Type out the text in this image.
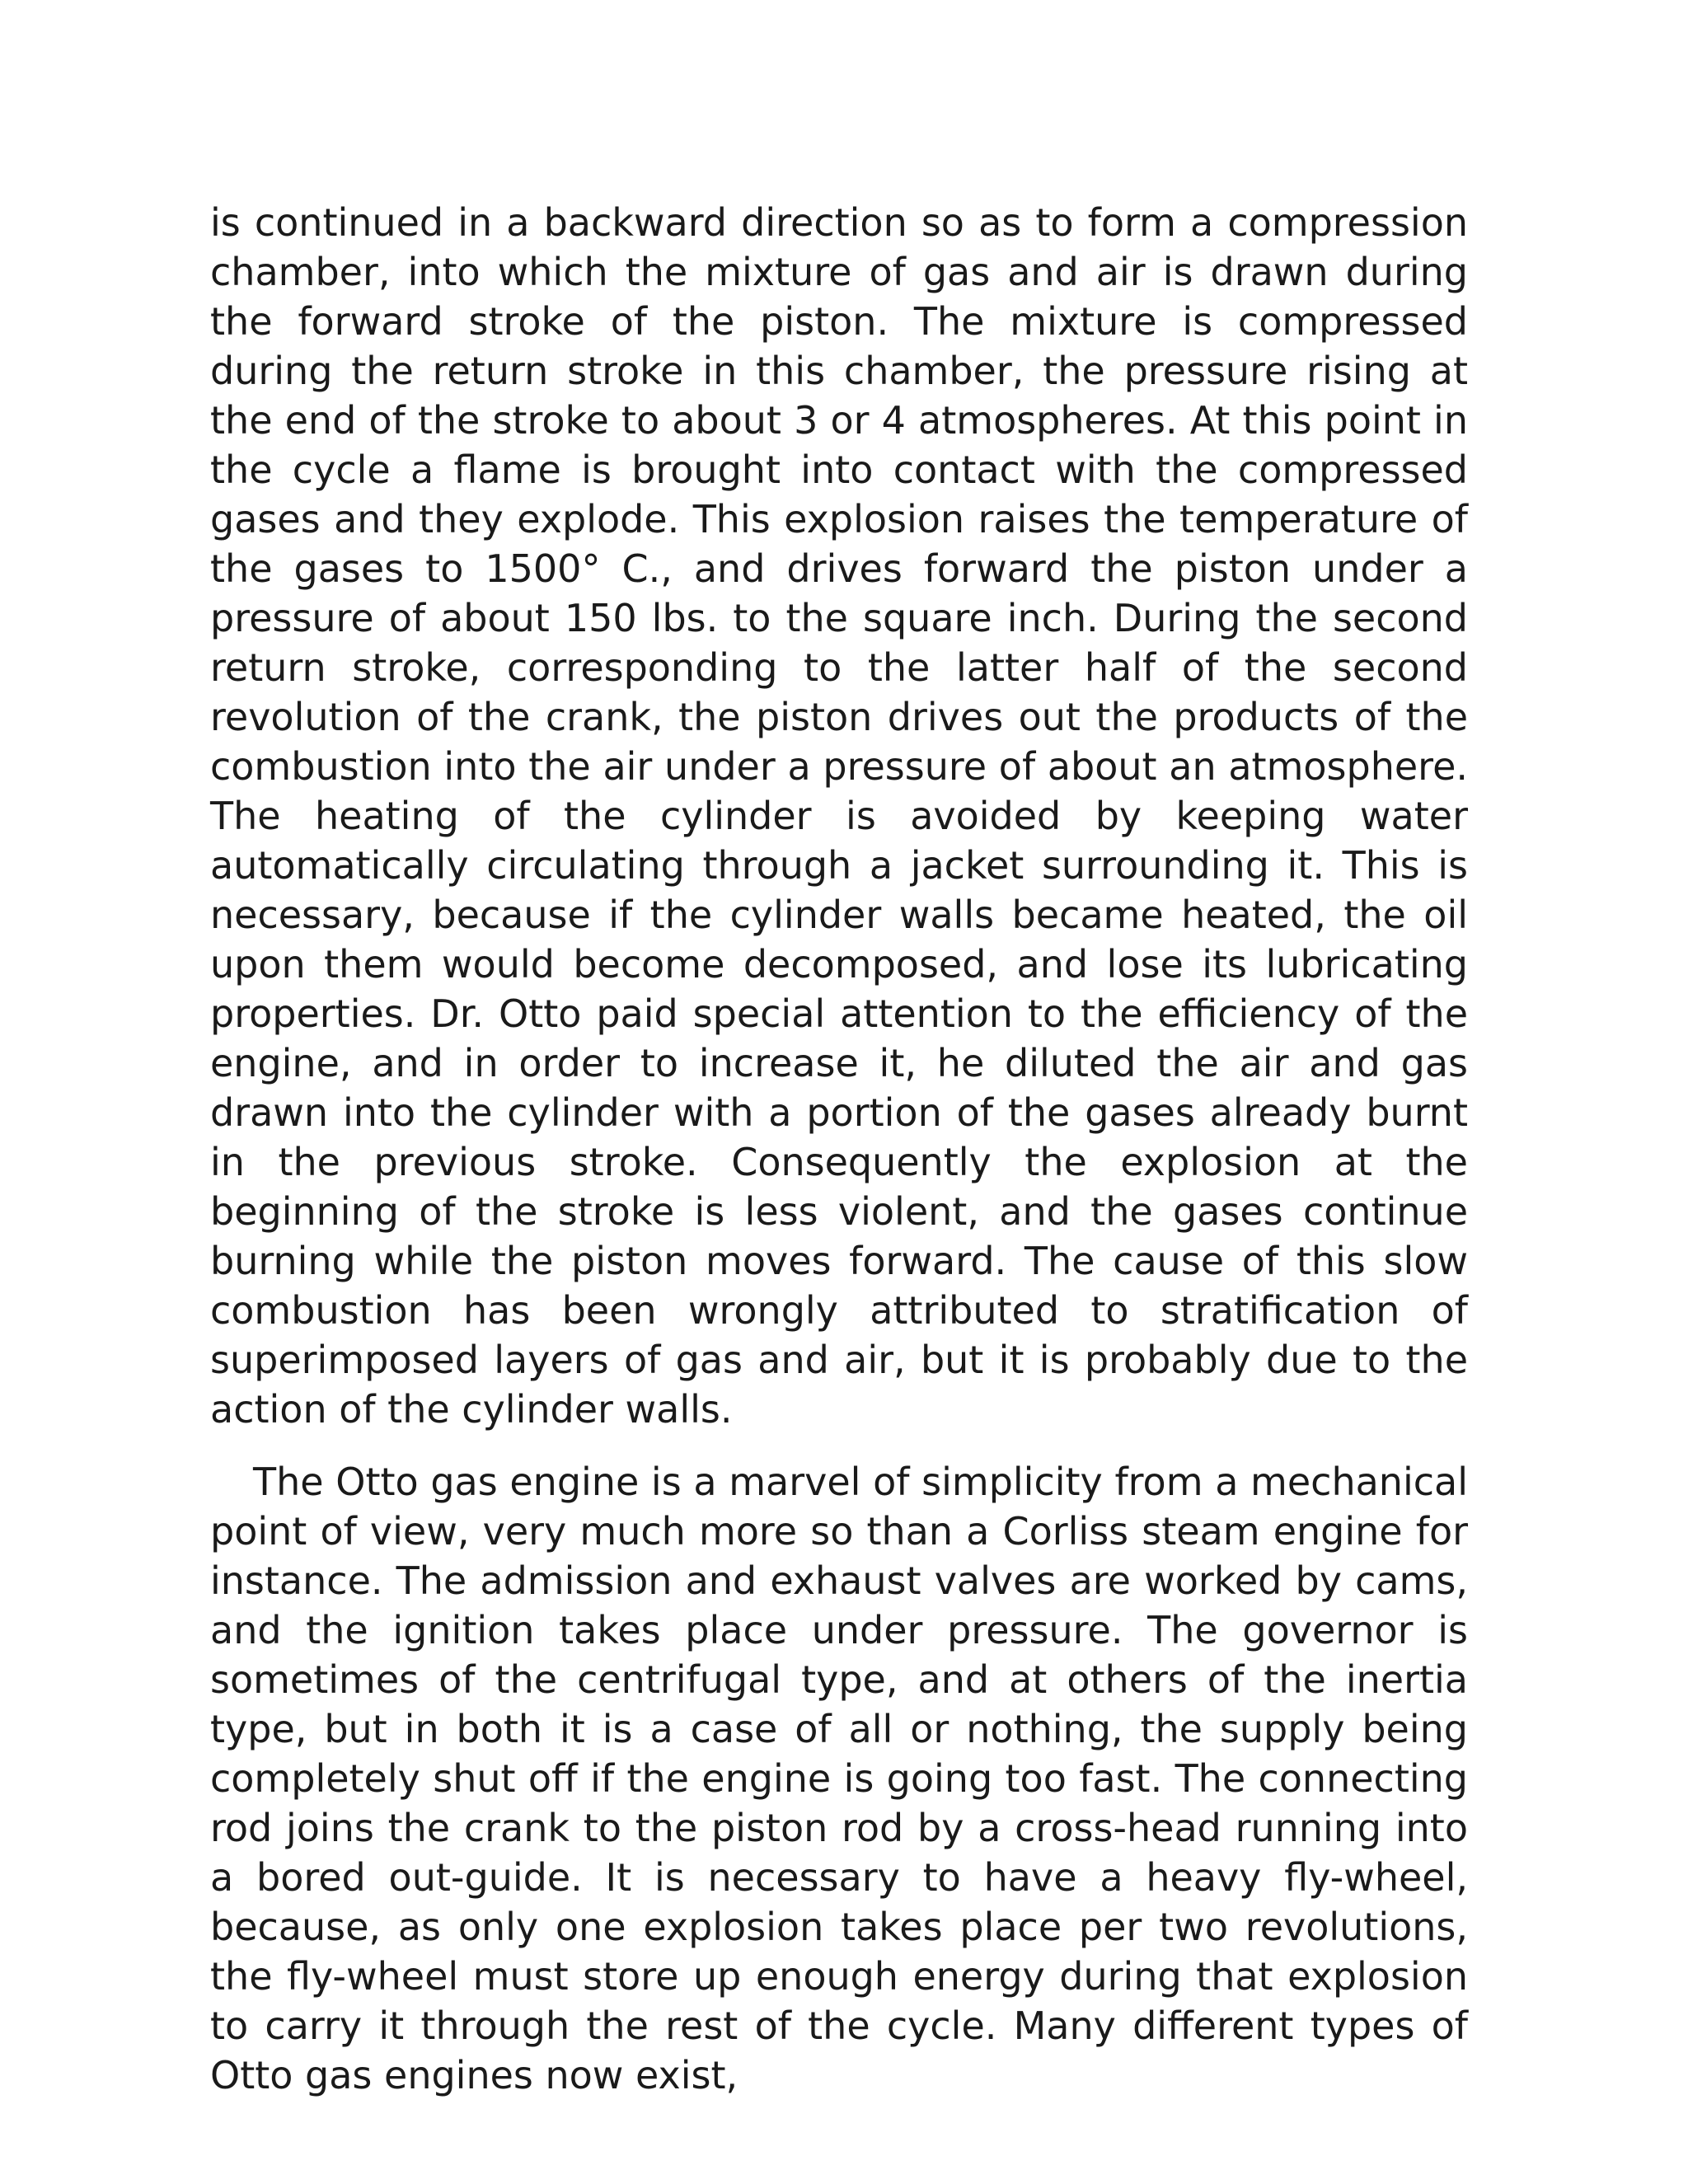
is continued in a backward direction so as to form a compression chamber, into which the mixture of gas and air is drawn during the forward stroke of the piston. The mixture is compressed during the return stroke in this chamber, the pressure rising at the end of the stroke to about 3 or 4 atmospheres. At this point in the cycle a flame is brought into contact with the compressed gases and they explode. This explosion raises the temperature of the gases to 1500° C., and drives forward the piston under a pressure of about 150 lbs. to the square inch. During the second return stroke, corresponding to the latter half of the second revolution of the crank, the piston drives out the products of the combustion into the air under a pressure of about an atmosphere. The heating of the cylinder is avoided by keeping water automatically circulating through a jacket surrounding it. This is necessary, because if the cylinder walls became heated, the oil upon them would become decomposed, and lose its lubricating properties. Dr. Otto paid special attention to the efficiency of the engine, and in order to increase it, he diluted the air and gas drawn into the cylinder with a portion of the gases already burnt in the previous stroke. Consequently the explosion at the beginning of the stroke is less violent, and the gases continue burning while the piston moves forward. The cause of this slow combustion has been wrongly attributed to stratification of superimposed layers of gas and air, but it is probably due to the action of the cylinder walls.

The Otto gas engine is a marvel of simplicity from a mechanical point of view, very much more so than a Corliss steam engine for instance. The admission and exhaust valves are worked by cams, and the ignition takes place under pressure. The governor is sometimes of the centrifugal type, and at others of the inertia type, but in both it is a case of all or nothing, the supply being completely shut off if the engine is going too fast. The connecting rod joins the crank to the piston rod by a cross-head running into a bored out-guide. It is necessary to have a heavy fly-wheel, because, as only one explosion takes place per two revolutions, the fly-wheel must store up enough energy during that explosion to carry it through the rest of the cycle. Many different types of Otto gas engines now exist,
